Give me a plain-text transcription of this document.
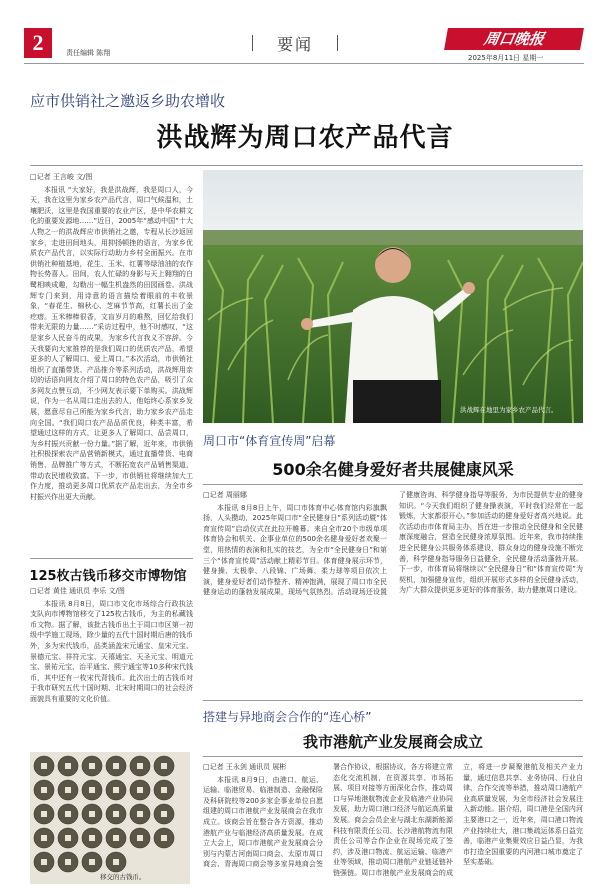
2	责任编辑 陈翔	要闻	周口晚报
2025年8月11日 星期一
应市供销社之邀返乡助农增收
洪战辉为周口农产品代言
□记者 王言峻 文/图
本报讯 “大家好，我是洪战辉，我是周口人，今天，我在这里为家乡农产品代言，周口气候温和，土壤肥沃，这里是我国重要的农业产区，是中华农耕文化的重要发源地……”近日，2005年“感动中国”十大人物之一的洪战辉应市供销社之邀，专程从长沙返回家乡，走进田间地头，用抑扬顿挫的语言，为家乡优质农产品代言，以实际行动助力乡村全面振兴。在市供销社种植基地，花生、玉米、红薯等绿油油的农作物长势喜人。田间，农人忙碌的身影与天上翱翔的白鹭相映成趣，勾勒出一幅生机盎然的田园画卷。洪战辉专门来到，用诗意的语言描绘着眼前的丰收景象，“春花生、棉秋心、芝麻节节高，红薯长出了金疙瘩。玉米棒棒很香，文盲岁月的难熬，回忆给我们带来无限的力量……”采访过程中，他不时感叹，“这是家乡人民奋斗的成果，为家乡代言我义不容辞。今天我要向大家推荐的是我们周口的优质农产品，希望更多的人了解周口、爱上周口。”本次活动，市供销社组织了直播带货、产品推介等系列活动，洪战辉用亲切的话语向网友介绍了周口的特色农产品，吸引了众多网友点赞互动，不少网友表示要下单购买。洪战辉说，作为一名从周口走出去的人，他始终心系家乡发展，愿意尽自己所能为家乡代言，助力家乡农产品走向全国。“我们周口农产品品质优良，种类丰富，希望通过这样的方式，让更多人了解周口、品尝周口，为乡村振兴贡献一份力量。”据了解，近年来，市供销社积极探索农产品营销新模式，通过直播带货、电商销售、品牌推广等方式，不断拓宽农产品销售渠道，带动农民增收致富。下一步，市供销社将继续加大工作力度，推动更多周口优质农产品走出去，为全市乡村振兴作出更大贡献。
洪战辉在地里为家乡农产品代言。
周口市“体育宣传周”启幕
500余名健身爱好者共展健康风采
□记者 周丽娜
本报讯 8月8日上午，周口市体育中心体育馆内彩旗飘扬，人头攒动，2025年周口市“全民健身日”系列活动暨“体育宣传周”启动仪式在此拉开帷幕。来自全市20个市级单项体育协会和机关、企事业单位的500余名健身爱好者欢聚一堂，用热情的表演和扎实的技艺，为全市“全民健身日”和第三个“体育宣传周”活动献上精彩节目。体育健身展示环节，健身操、太极拳、八段锦、广场舞、柔力球等项目依次上演，健身爱好者们动作整齐、精神饱满，展现了周口市全民健身运动的蓬勃发展成果，现场气氛热烈。活动现场还设置了健康咨询、科学健身指导等服务，为市民提供专业的健身知识。“今天我们组织了健身操表演，平时我们经常在一起锻炼，大家都很开心。”参加活动的健身爱好者高兴地说。此次活动由市体育局主办，旨在进一步推动全民健身和全民健康深度融合，营造全民健身浓厚氛围。近年来，我市持续推进全民健身公共服务体系建设，群众身边的健身设施不断完善，科学健身指导服务日益健全，全民健身活动蓬勃开展。下一步，市体育局将继续以“全民健身日”和“体育宣传周”为契机，加强健身宣传，组织开展形式多样的全民健身活动，为广大群众提供更多更好的体育服务，助力健康周口建设。
125枚古钱币移交市博物馆
□记者 黄佳 通讯员 李乐 文/图
本报讯 8月8日，周口市文化市场综合行政执法支队向市博物馆移交了125枚古钱币，为主的私藏钱币文物。据了解，该批古钱币出土于周口市区第一初级中学施工现场，除少量的五代十国时期后唐的钱币外，多为宋代钱币，品类涵盖宋元通宝、皇宋元宝、景德元宝、祥符元宝、天禧通宝、天圣元宝、明道元宝、景祐元宝、治平通宝、熙宁通宝等10多种宋代钱币，其中还有一枚宋代背钱币。此次出土的古钱币对于我市研究五代十国时期、北宋时期周口的社会经济面貌具有重要的文化价值。
移交的古钱币。
搭建与异地商会合作的“连心桥”
我市港航产业发展商会成立
□记者 王永剑 通讯员 展彬
本报讯 8月9日，由港口、航运、运输、临港贸易、临港制造、金融保险及科研院校等200多家企事业单位自愿组建的周口市港航产业发展商会在我市成立。该商会旨在整合各方资源，推动港航产业与临港经济高质量发展。在成立大会上，周口市港航产业发展商会分别与内蒙古河南周口商会、太原市周口商会、青海周口商会等多家异地商会签署合作协议，根据协议，各方将建立常态化交流机制，在资源共享、市场拓展、项目对接等方面深化合作，推动周口与异地港航物流企业及临港产业协同发展，助力周口港口经济与航运高质量发展。商会会员企业与湖北东湖新能源科技有限责任公司、长沙港航物流有限责任公司等合作企业在现场完成了签约，涉及港口物流、航运运输、临港产业等领域，推动周口港航产业链延链补链强链。周口市港航产业发展商会的成立，将进一步凝聚港航及相关产业力量，通过信息共享、业务协同、行业自律、合作交流等举措，推动周口港航产业高质量发展，为全市经济社会发展注入新动能。据介绍，周口港是全国内河主要港口之一，近年来，周口港口物流产业持续壮大，港口集疏运体系日益完善，临港产业集聚效应日益凸显，为我市打造全国重要的内河港口城市奠定了坚实基础。
